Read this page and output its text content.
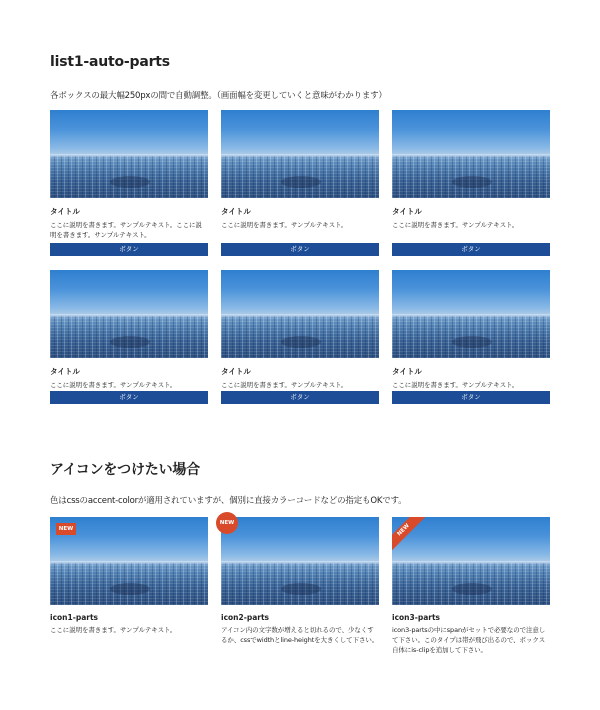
list1-auto-parts

各ボックスの最大幅250pxの間で自動調整。（画面幅を変更していくと意味がわかります）

タイトル
ここに説明を書きます。サンプルテキスト。ここに説明を書きます。サンプルテキスト。
ボタン
タイトル
ここに説明を書きます。サンプルテキスト。
ボタン
タイトル
ここに説明を書きます。サンプルテキスト。
ボタン
タイトル
ここに説明を書きます。サンプルテキスト。
ボタン
タイトル
ここに説明を書きます。サンプルテキスト。
ボタン
タイトル
ここに説明を書きます。サンプルテキスト。
ボタン
アイコンをつけたい場合

色はcssのaccent-colorが適用されていますが、個別に直接カラーコードなどの指定もOKです。

NEW
icon1-parts
ここに説明を書きます。サンプルテキスト。
NEW
icon2-parts
アイコン内の文字数が増えると切れるので、少なくするか、cssでwidthとline-heightを大きくして下さい。
NEW
icon3-parts
icon3-partsの中にspanがセットで必要なので注意して下さい。このタイプは帯が飛び出るので、ボックス自体にis-clipを追加して下さい。
